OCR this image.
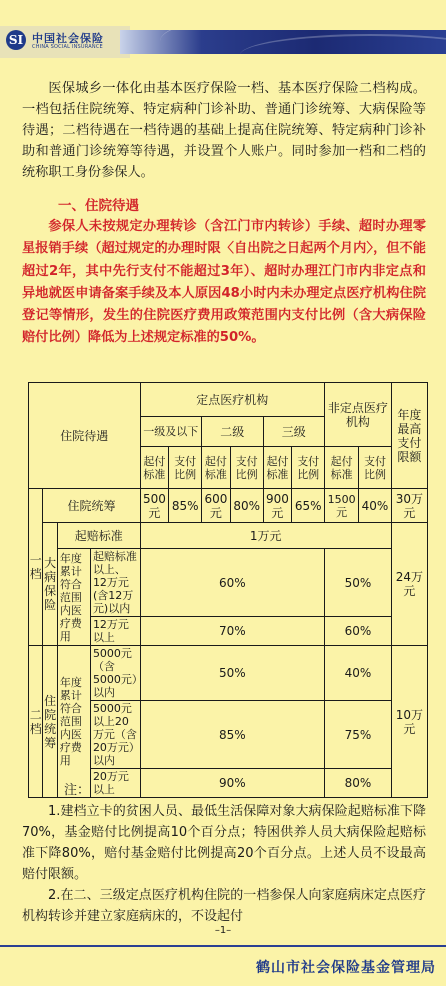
SI 中国社会保险
CHINA SOCIAL INSURANCE

医保城乡一体化由基本医疗保险一档、基本医疗保险二档构成。一档包括住院统筹、特定病种门诊补助、普通门诊统筹、大病保险等待遇；二档待遇在一档待遇的基础上提高住院统筹、特定病种门诊补助和普通门诊统筹等待遇，并设置个人账户。同时参加一档和二档的统称职工身份参保人。

一、住院待遇

参保人未按规定办理转诊（含江门市内转诊）手续、超时办理零星报销手续（超过规定的办理时限〈自出院之日起两个月内〉，但不能超过2年，其中先行支付不能超过3年）、超时办理江门市内非定点和异地就医申请备案手续及本人原因48小时内未办理定点医疗机构住院登记等情形，发生的住院医疗费用政策范围内支付比例（含大病保险赔付比例）降低为上述规定标准的50%。

住院待遇				定点医疗机构						非定点医疗机构		年度最高支付限额
				一级及以下		二级		三级				
				起付标准	支付比例	起付标准	支付比例	起付标准	支付比例	起付标准	支付比例	

一档	住院统筹			500元	85%	600元	80%	900元	65%	1500元	40%	30万元

	大病保险	起赔标准		1万元								24万元
		年度累计符合范围内医疗费用	起赔标准以上、12万元(含12万元)以内	60%						50%		

			12万元以上	70%						60%		

二档	住院统筹	年度累计符合范围内医疗费用	5000元（含5000元）以内	50%						40%		10万元
			5000元以上20万元（含20万元）以内	85%						75%		
			20万元以上	90%						80%		
注：

1.建档立卡的贫困人员、最低生活保障对象大病保险起赔标准下降70%，基金赔付比例提高10个百分点；特困供养人员大病保险起赔标准下降80%，赔付基金赔付比例提高20个百分点。上述人员不设最高赔付限额。

2.在二、三级定点医疗机构住院的一档参保人向家庭病床定点医疗机构转诊并建立家庭病床的，不设起付

–1–
鹤山市社会保险基金管理局
